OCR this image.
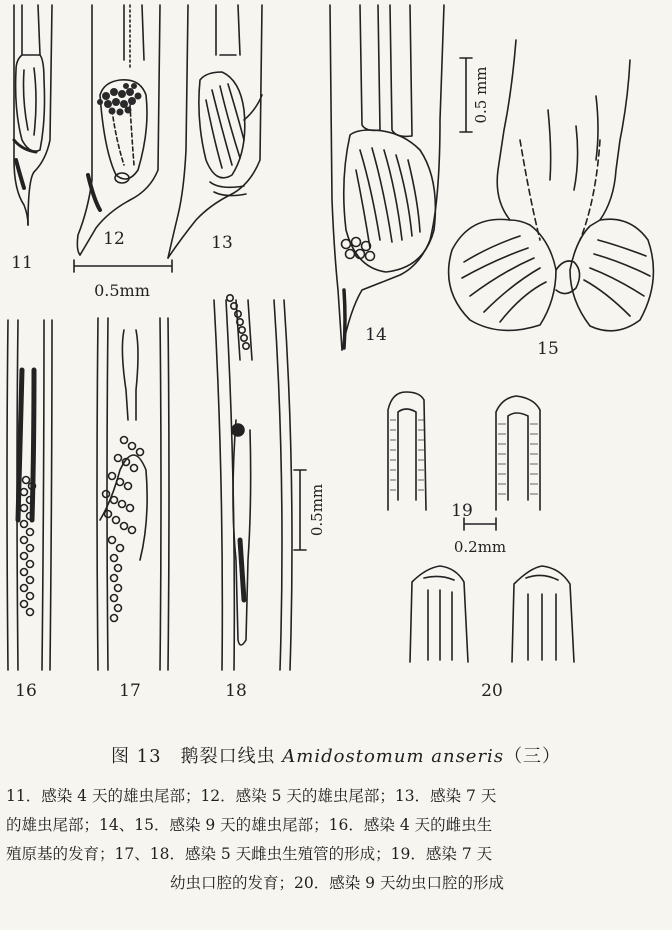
11
12	13
14
15
16	17	18
19
20
0.5mm
0.5 mm
0.5mm
0.2mm
图 13　鹅裂口线虫 Amidostomum anseris（三）
11．感染 4 天的雄虫尾部；12．感染 5 天的雄虫尾部；13．感染 7 天
的雄虫尾部；14、15．感染 9 天的雄虫尾部；16．感染 4 天的雌虫生
殖原基的发育；17、18．感染 5 天雌虫生殖管的形成；19．感染 7 天

幼虫口腔的发育；20．感染 9 天幼虫口腔的形成
